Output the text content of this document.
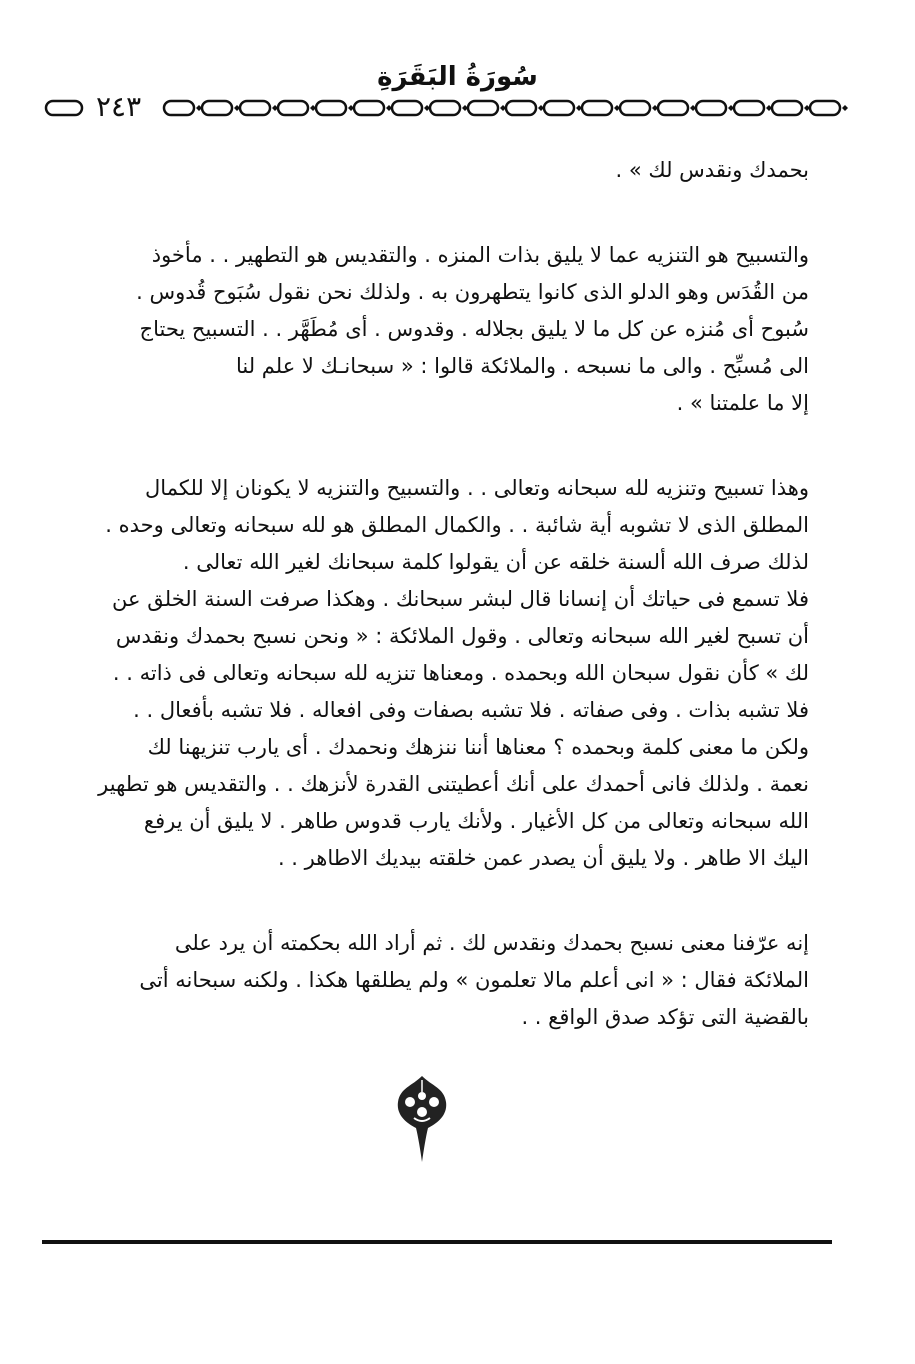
سُورَةُ البَقَرَةِ
٢٤٣

بحمدك ونقدس لك » .

والتسبيح هو التنزيه عما لا يليق بذات المنزه . والتقديس هو التطهير . . مأخوذ
من القُدَس وهو الدلو الذى كانوا يتطهرون به . ولذلك نحن نقول سُبَوح قُدوس .
سُبوح أى مُنزه عن كل ما لا يليق بجلاله . وقدوس . أى مُطَهَّر . . التسبيح يحتاج
الى مُسبِّح . والى ما نسبحه . والملائكة قالوا : « سبحانـك لا علم لنا
إلا ما علمتنا » .

وهذا تسبيح وتنزيه لله سبحانه وتعالى . . والتسبيح والتنزيه لا يكونان إلا للكمال
المطلق الذى لا تشوبه أية شائبة . . والكمال المطلق هو لله سبحانه وتعالى وحده .
لذلك صرف الله ألسنة خلقه عن أن يقولوا كلمة سبحانك لغير الله تعالى .
فلا تسمع فى حياتك أن إنسانا قال لبشر سبحانك . وهكذا صرفت السنة الخلق عن
أن تسبح لغير الله سبحانه وتعالى . وقول الملائكة : « ونحن نسبح بحمدك ونقدس
لك » كأن نقول سبحان الله وبحمده . ومعناها تنزيه لله سبحانه وتعالى فى ذاته . .
فلا تشبه بذات . وفى صفاته . فلا تشبه بصفات وفى افعاله . فلا تشبه بأفعال . .
ولكن ما معنى كلمة وبحمده ؟ معناها أننا ننزهك ونحمدك . أى يارب تنزيهنا لك
نعمة . ولذلك فانى أحمدك على أنك أعطيتنى القدرة لأنزهك . . والتقديس هو تطهير
الله سبحانه وتعالى من كل الأغيار . ولأنك يارب قدوس طاهر . لا يليق أن يرفع
اليك الا طاهر . ولا يليق أن يصدر عمن خلقته بيديك الاطاهر . .

إنه عرّفنا معنى نسبح بحمدك ونقدس لك . ثم أراد الله بحكمته أن يرد على
الملائكة فقال : « انى أعلم مالا تعلمون » ولم يطلقها هكذا . ولكنه سبحانه أتى
بالقضية التى تؤكد صدق الواقع . .
